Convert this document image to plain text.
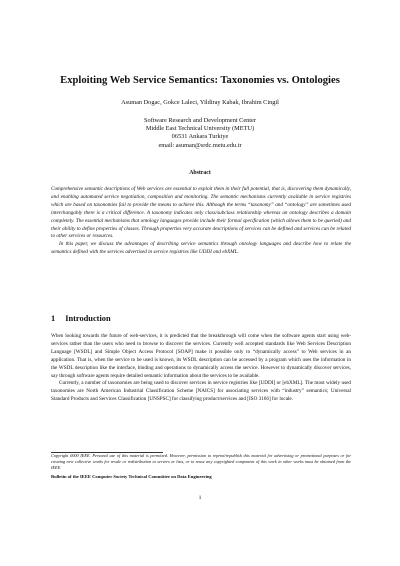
Exploiting Web Service Semantics: Taxonomies vs. Ontologies
Asuman Dogac, Gokce Laleci, Yildiray Kabak, Ibrahim Cingil
Software Research and Development Center
Middle East Technical University (METU)
06531 Ankara Turkiye
email: asuman@srdc.metu.edu.tr
Abstract

Comprehensive semantic descriptions of Web services are essential to exploit them in their full potential, that is, discovering them dynamically, and enabling automated service negotiation, composition and monitoring. The semantic mechanisms currently available in service registries which are based on taxonomies fail to provide the means to achieve this. Although the terms “taxonomy” and “ontology” are sometimes used interchangably there is a critical difference. A taxonomy indicates only class/subclass relationship whereas an ontology describes a domain completely. The essential mechanisms that ontology languages provide include their formal specification (which allows them to be queried) and their ability to define properties of classes. Through properties very accurate descriptions of services can be defined and services can be related to other services or resources.

In this paper, we discuss the advantages of describing service semantics through ontology languages and describe how to relate the semantics defined with the services advertised in service registries like UDDI and ebXML.

1 Introduction

When looking towards the future of web-services, it is predicted that the breakthrough will come when the software agents start using web-services rather than the users who need to browse to discover the services. Currently well accepted standards like Web Services Description Language [WSDL] and Simple Object Access Protocol [SOAP] make it possible only to “dynamically access” to Web services in an application. That is, when the service to be used is known, its WSDL description can be accessed by a program which uses the information in the WSDL description like the interface, binding and operations to dynamically access the service. However to dynamically discover services, say through software agents require detailed semantic information about the services to be available.

Currently, a number of taxonomies are being used to discover services in service registries like [UDDI] or [ebXML]. The most widely used taxonomies are North American Industrial Classification Scheme [NAICS] for associating services with “industry” semantics; Universal Standard Products and Services Classification [UNSPSC] for classifying product/services and [ISO 3166] for locale.

Copyright 0000 IEEE. Personal use of this material is permitted. However, permission to reprint/republish this material for advertising or promotional purposes or for creating new collective works for resale or redistribution to servers or lists, or to reuse any copyrighted component of this work in other works must be obtained from the IEEE.
Bulletin of the IEEE Computer Society Technical Committee on Data Engineering
1
